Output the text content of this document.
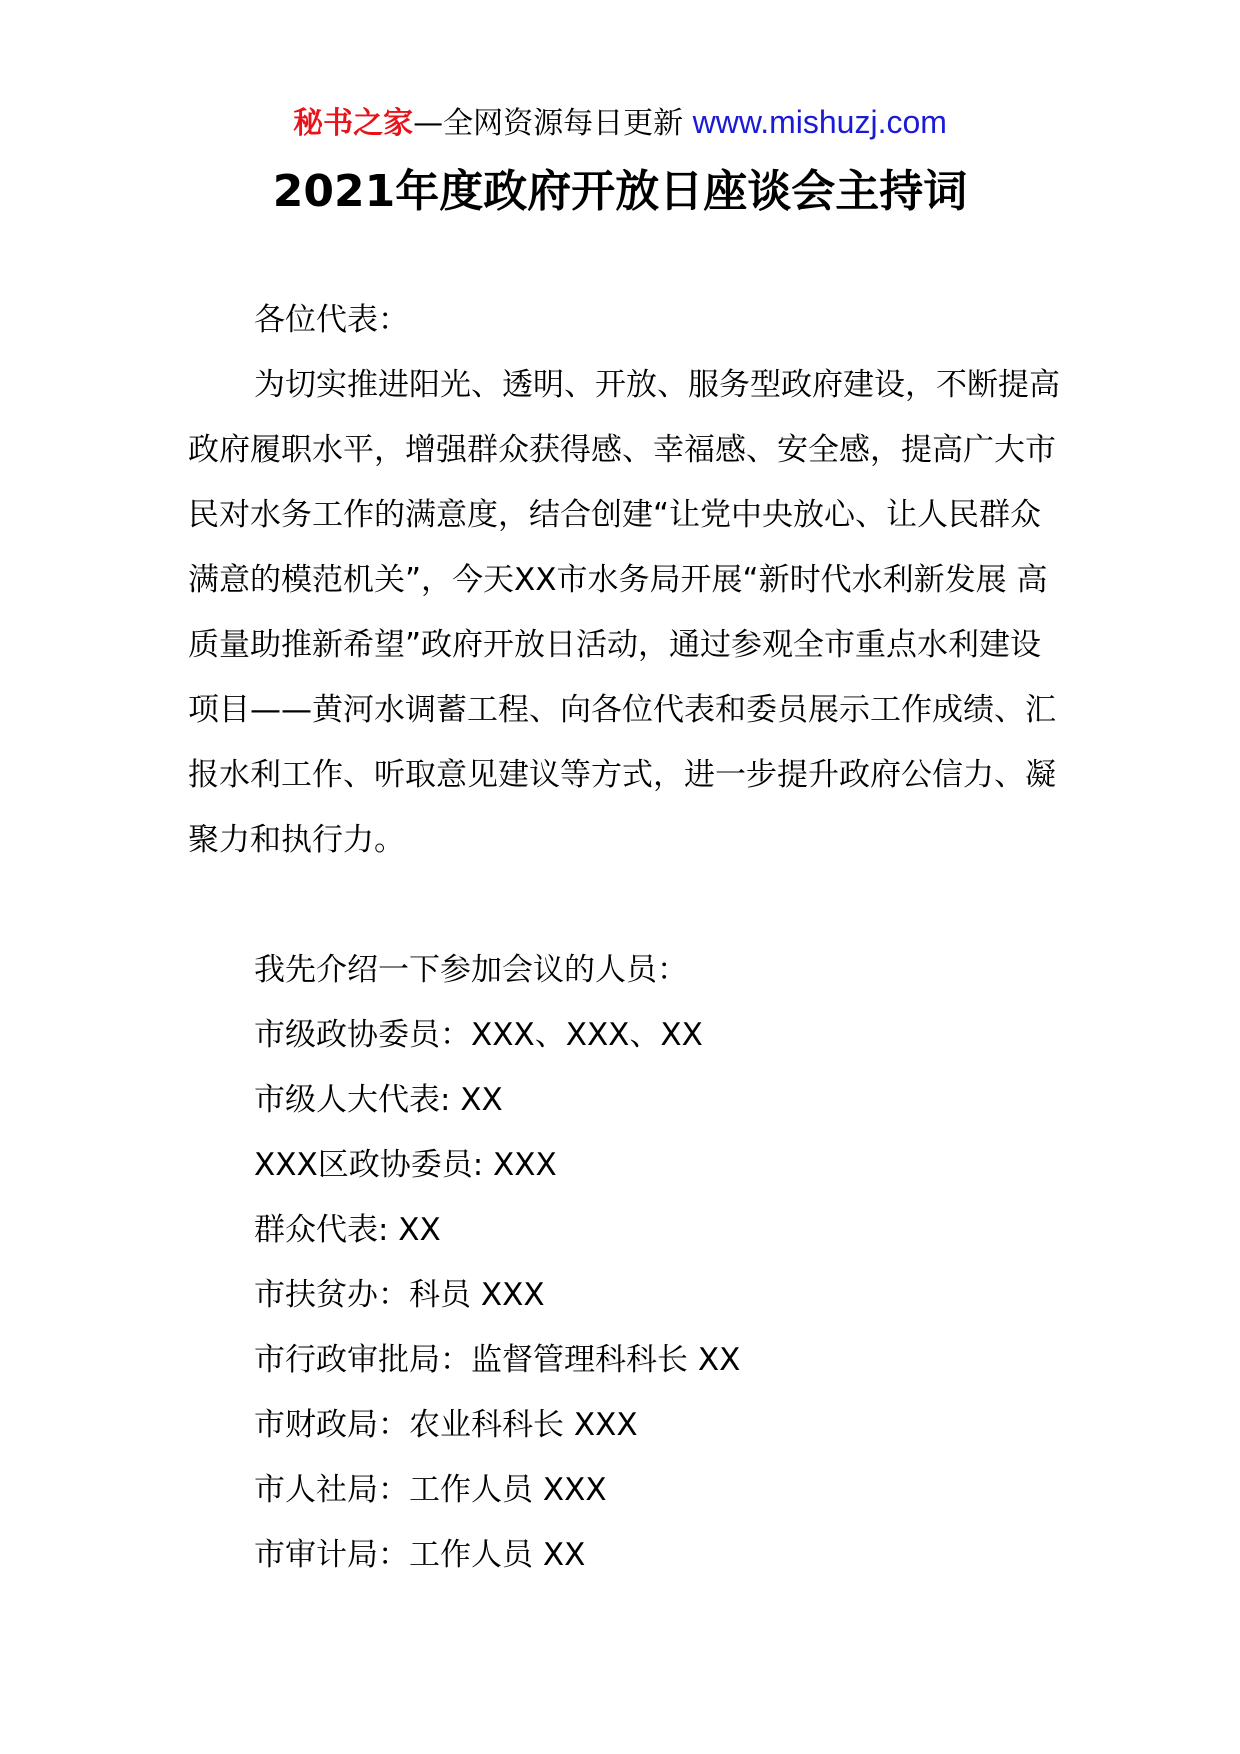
秘书之家—全网资源每日更新 www.mishuzj.com
2021年度政府开放日座谈会主持词

各位代表：

为切实推进阳光、透明、开放、服务型政府建设，不断提高政府履职水平，增强群众获得感、幸福感、安全感，提高广大市民对水务工作的满意度，结合创建“让党中央放心、让人民群众满意的模范机关”，今天XX市水务局开展“新时代水利新发展 高质量助推新希望”政府开放日活动，通过参观全市重点水利建设项目——黄河水调蓄工程、向各位代表和委员展示工作成绩、汇报水利工作、听取意见建议等方式，进一步提升政府公信力、凝聚力和执行力。

我先介绍一下参加会议的人员：
市级政协委员：XXX、XXX、XX
市级人大代表: XX
XXX区政协委员: XXX
群众代表: XX
市扶贫办：科员 XXX
市行政审批局：监督管理科科长 XX
市财政局：农业科科长 XXX
市人社局：工作人员 XXX
市审计局：工作人员 XX
